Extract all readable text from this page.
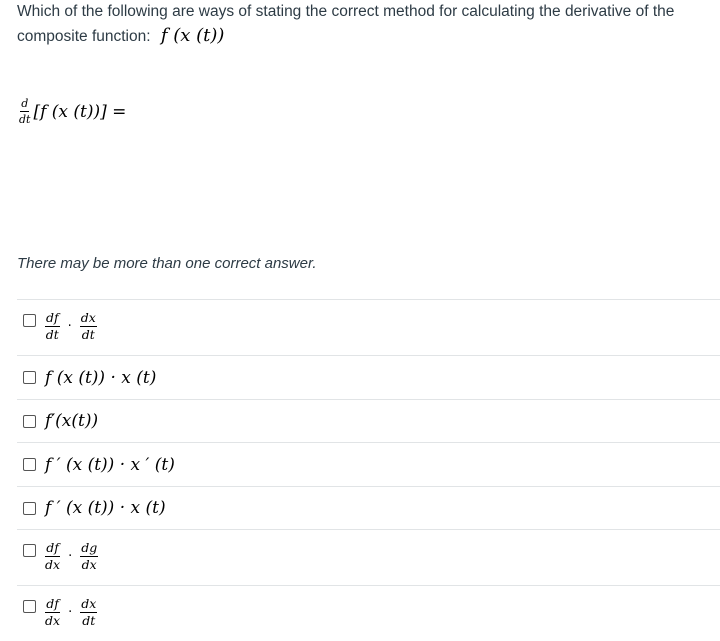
Which of the following are ways of stating the correct method for calculating the derivative of the composite function: f (x (t))
$\frac{d}{dt} [f$ (x (t))] =
There may be more than one correct answer.
$\frac{df}{dt} \cdot \frac{dx}{dt}$
f (x (t)) · x (t)
f′(x(t))
f ′ (x (t)) · x ′ (t)
f ′ (x (t)) · x (t)
$\frac{df}{dx} \cdot \frac{dg}{dx}$
$\frac{df}{dx} \cdot \frac{dx}{dt}$
